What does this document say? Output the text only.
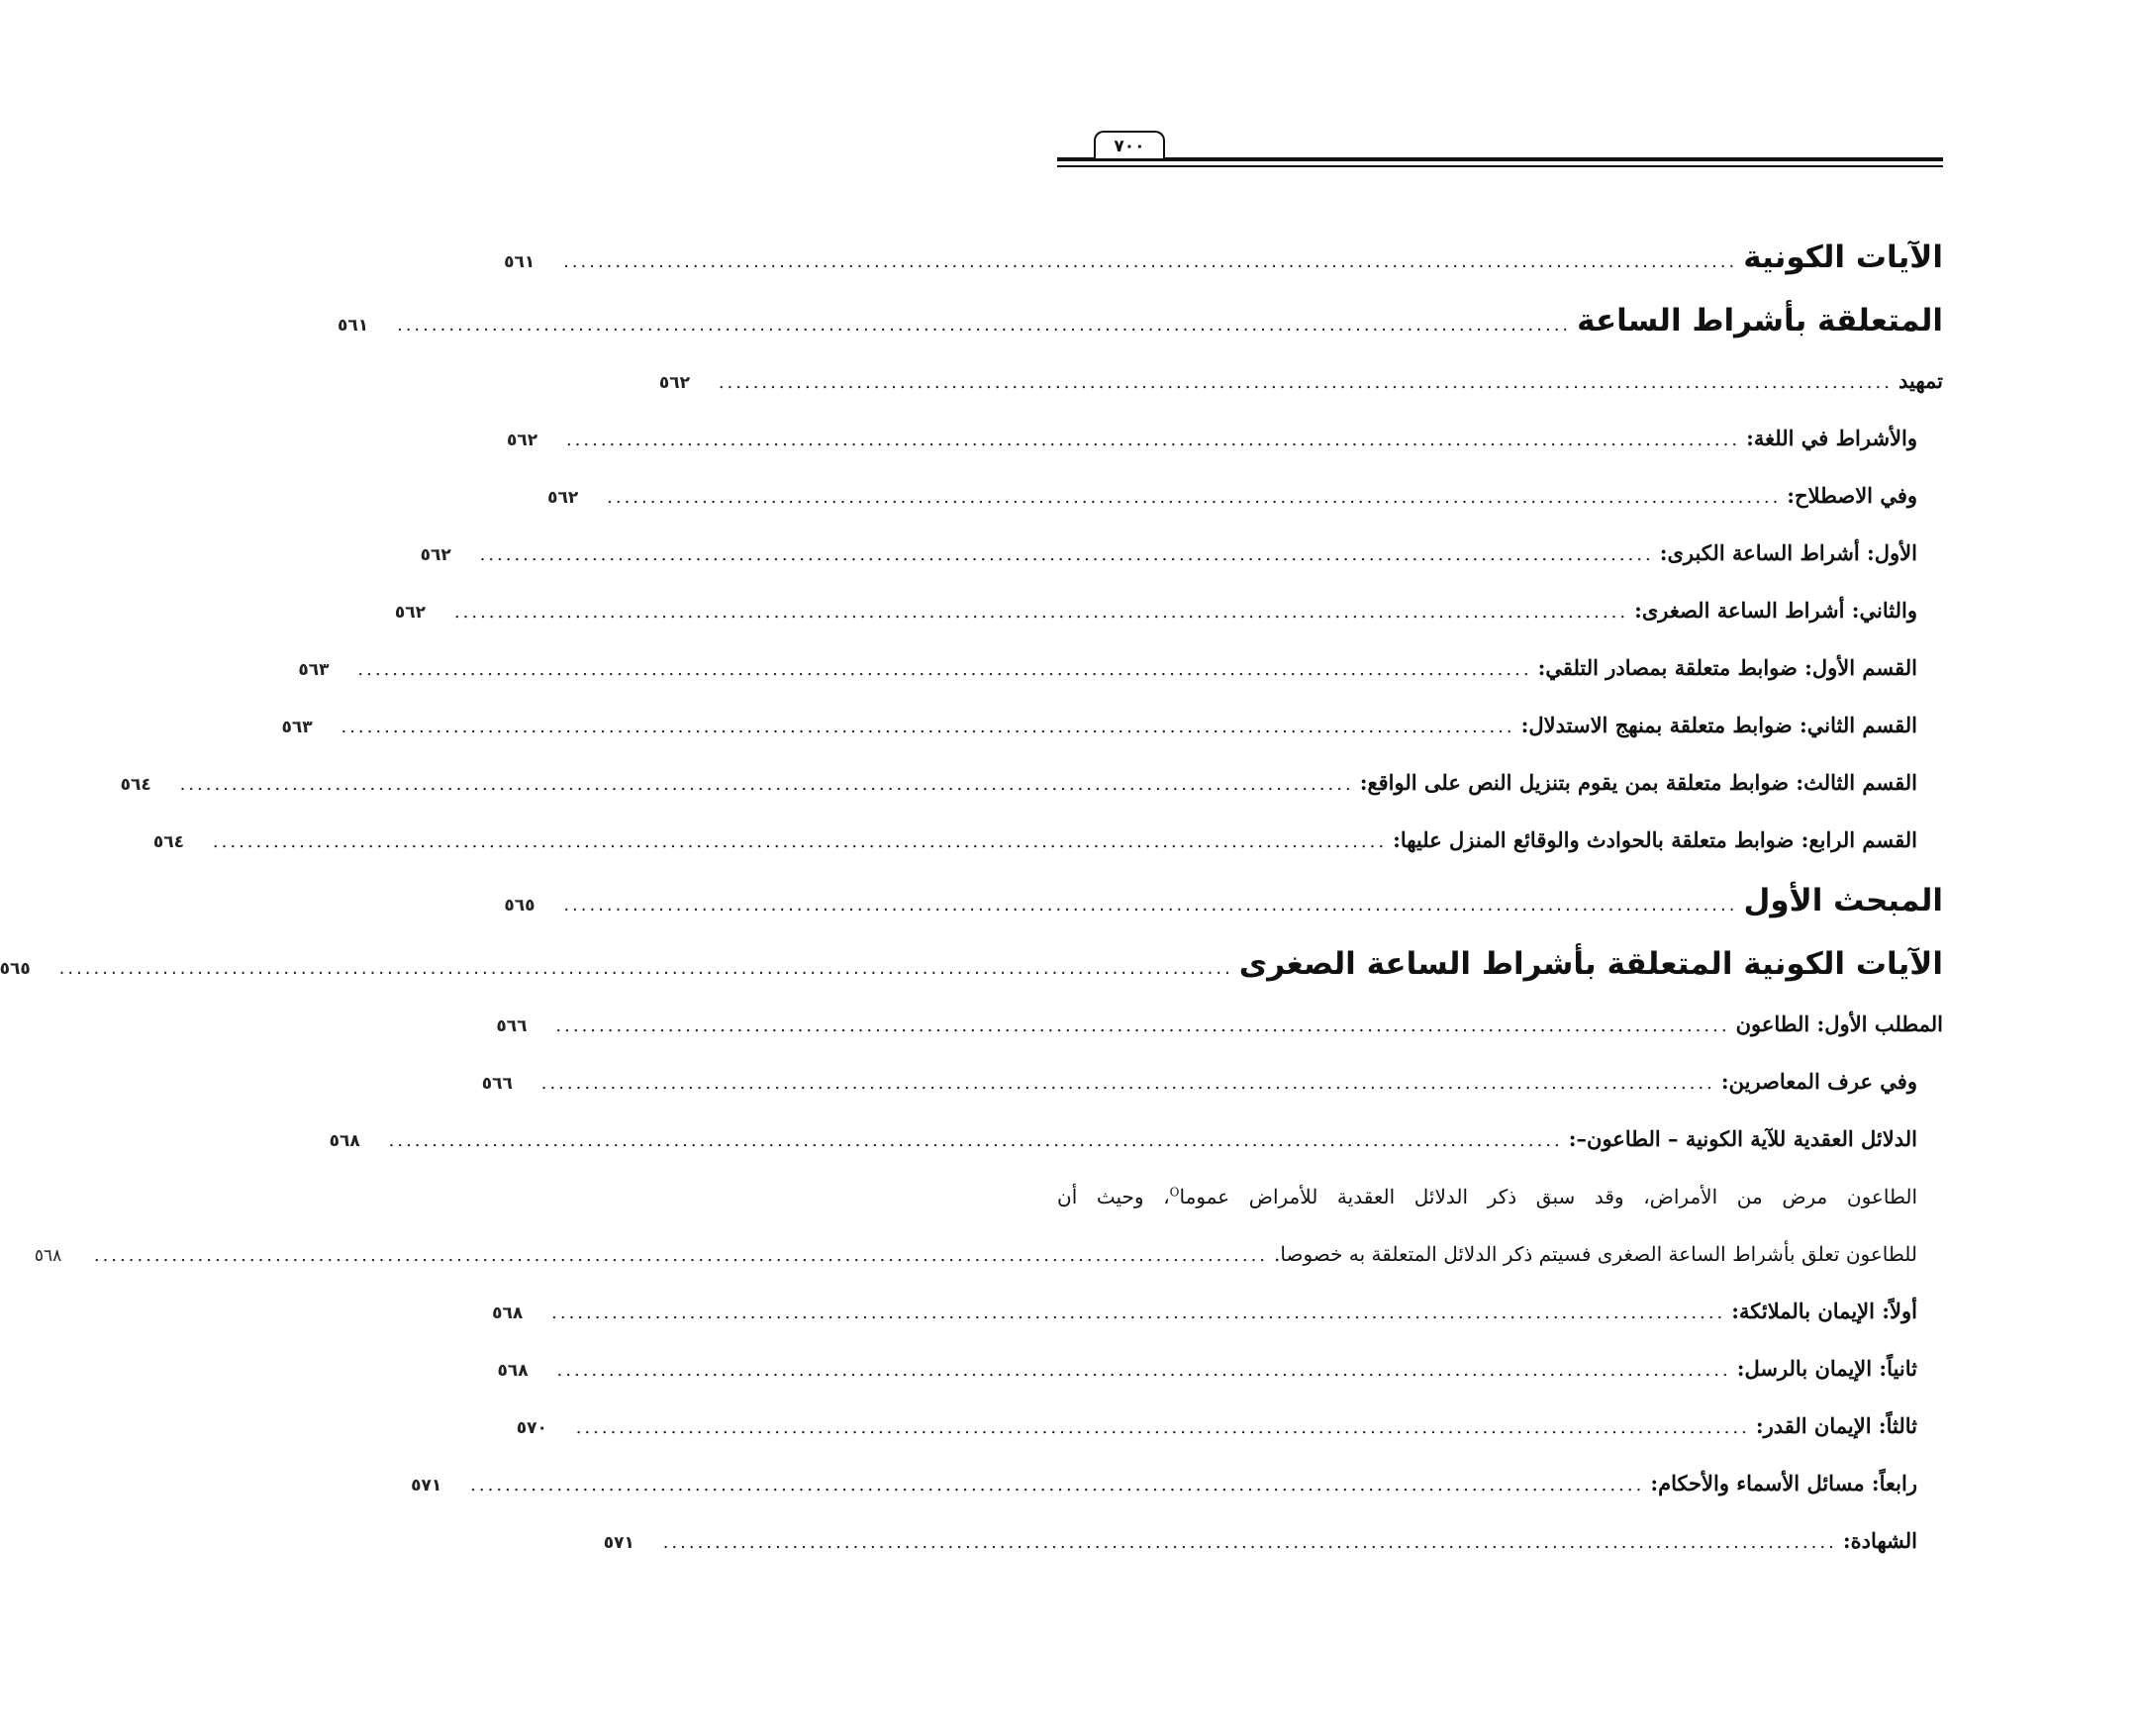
٧٠٠
الآيات الكونية
........................................................................................................................................
٥٦١
المتعلقة بأشراط الساعة
........................................................................................................................................
٥٦١
تمهيد
........................................................................................................................................
٥٦٢
والأشراط في اللغة:
........................................................................................................................................
٥٦٢
وفي الاصطلاح:
........................................................................................................................................
٥٦٢
الأول: أشراط الساعة الكبرى:
........................................................................................................................................
٥٦٢
والثاني: أشراط الساعة الصغرى:
........................................................................................................................................
٥٦٢
القسم الأول: ضوابط متعلقة بمصادر التلقي:
........................................................................................................................................
٥٦٣
القسم الثاني: ضوابط متعلقة بمنهج الاستدلال:
........................................................................................................................................
٥٦٣
القسم الثالث: ضوابط متعلقة بمن يقوم بتنزيل النص على الواقع:
........................................................................................................................................
٥٦٤
القسم الرابع: ضوابط متعلقة بالحوادث والوقائع المنزل عليها:
........................................................................................................................................
٥٦٤
المبحث الأول
........................................................................................................................................
٥٦٥
الآيات الكونية المتعلقة بأشراط الساعة الصغرى
........................................................................................................................................
٥٦٥
المطلب الأول: الطاعون
........................................................................................................................................
٥٦٦
وفي عرف المعاصرين:
........................................................................................................................................
٥٦٦
الدلائل العقدية للآية الكونية – الطاعون–:
........................................................................................................................................
٥٦٨
الطاعون مرض من الأمراض، وقد سبق ذكر الدلائل العقدية للأمراض عموما$^O$، وحيث أن
للطاعون تعلق بأشراط الساعة الصغرى فسيتم ذكر الدلائل المتعلقة به خصوصا.
........................................................................................................................................
٥٦٨
أولاً: الإيمان بالملائكة:
........................................................................................................................................
٥٦٨
ثانياً: الإيمان بالرسل:
........................................................................................................................................
٥٦٨
ثالثاً: الإيمان القدر:
........................................................................................................................................
٥٧٠
رابعاً: مسائل الأسماء والأحكام:
........................................................................................................................................
٥٧١
الشهادة:
........................................................................................................................................
٥٧١
